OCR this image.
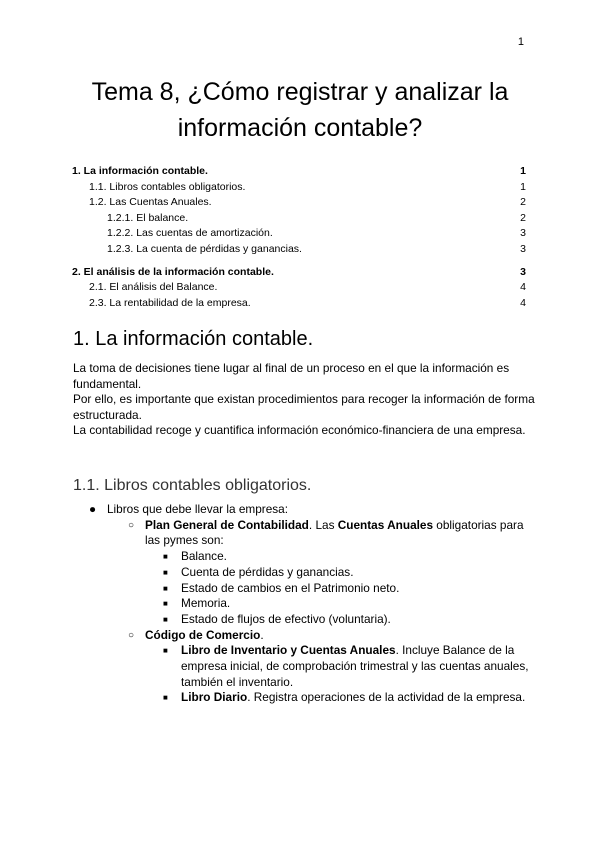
1
Tema 8, ¿Cómo registrar y analizar la
información contable?
1. La información contable.	1
1.1. Libros contables obligatorios.	1
1.2. Las Cuentas Anuales.	2
1.2.1. El balance.	2
1.2.2. Las cuentas de amortización.	3
1.2.3. La cuenta de pérdidas y ganancias.	3
2. El análisis de la información contable.	3
2.1. El análisis del Balance.	4
2.3. La rentabilidad de la empresa.	4
1. La información contable.

La toma de decisiones tiene lugar al final de un proceso en el que la información es fundamental.

Por ello, es importante que existan procedimientos para recoger la información de forma estructurada.

La contabilidad recoge y cuantifica información económico-financiera de una empresa.

1.1. Libros contables obligatorios.
● Libros que debe llevar la empresa:
○ Plan General de Contabilidad. Las Cuentas Anuales obligatorias para las pymes son:
■ Balance.
■ Cuenta de pérdidas y ganancias.
■ Estado de cambios en el Patrimonio neto.
■ Memoria.
■ Estado de flujos de efectivo (voluntaria).
○ Código de Comercio.
■ Libro de Inventario y Cuentas Anuales. Incluye Balance de la empresa inicial, de comprobación trimestral y las cuentas anuales, también el inventario.
■ Libro Diario. Registra operaciones de la actividad de la empresa.
